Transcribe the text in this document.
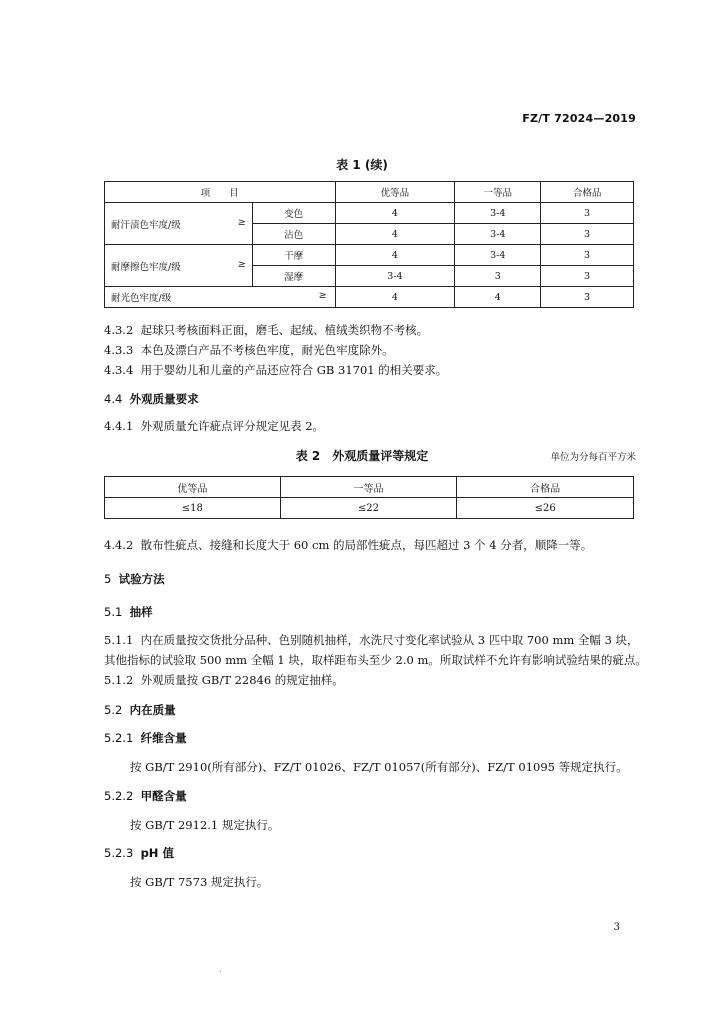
FZ/T 72024—2019
表 1 (续)
项　　目		优等品	一等品	合格品
耐汗渍色牢度/级 ≥	变色	4	3-4	3
	沾色	4	3-4	3
耐摩擦色牢度/级 ≥	干摩	4	3-4	3
	湿摩	3-4	3	3
耐光色牢度/级 ≥		4	4	3
4.3.2 起球只考核面料正面，磨毛、起绒、植绒类织物不考核。
4.3.3 本色及漂白产品不考核色牢度，耐光色牢度除外。
4.3.4 用于婴幼儿和儿童的产品还应符合 GB 31701 的相关要求。
4.4 外观质量要求
4.4.1 外观质量允许疵点评分规定见表 2。
表 2　外观质量评等规定	单位为分每百平方米
优等品	一等品	合格品
≤18	≤22	≤26
4.4.2 散布性疵点、接缝和长度大于 60 cm 的局部性疵点，每匹超过 3 个 4 分者，顺降一等。
5 试验方法
5.1 抽样
5.1.1 内在质量按交货批分品种、色别随机抽样，水洗尺寸变化率试验从 3 匹中取 700 mm 全幅 3 块，
其他指标的试验取 500 mm 全幅 1 块，取样距布头至少 2.0 m。所取试样不允许有影响试验结果的疵点。
5.1.2 外观质量按 GB/T 22846 的规定抽样。
5.2 内在质量
5.2.1 纤维含量
按 GB/T 2910(所有部分)、FZ/T 01026、FZ/T 01057(所有部分)、FZ/T 01095 等规定执行。
5.2.2 甲醛含量
按 GB/T 2912.1 规定执行。
5.2.3 pH 值
按 GB/T 7573 规定执行。
3
.
